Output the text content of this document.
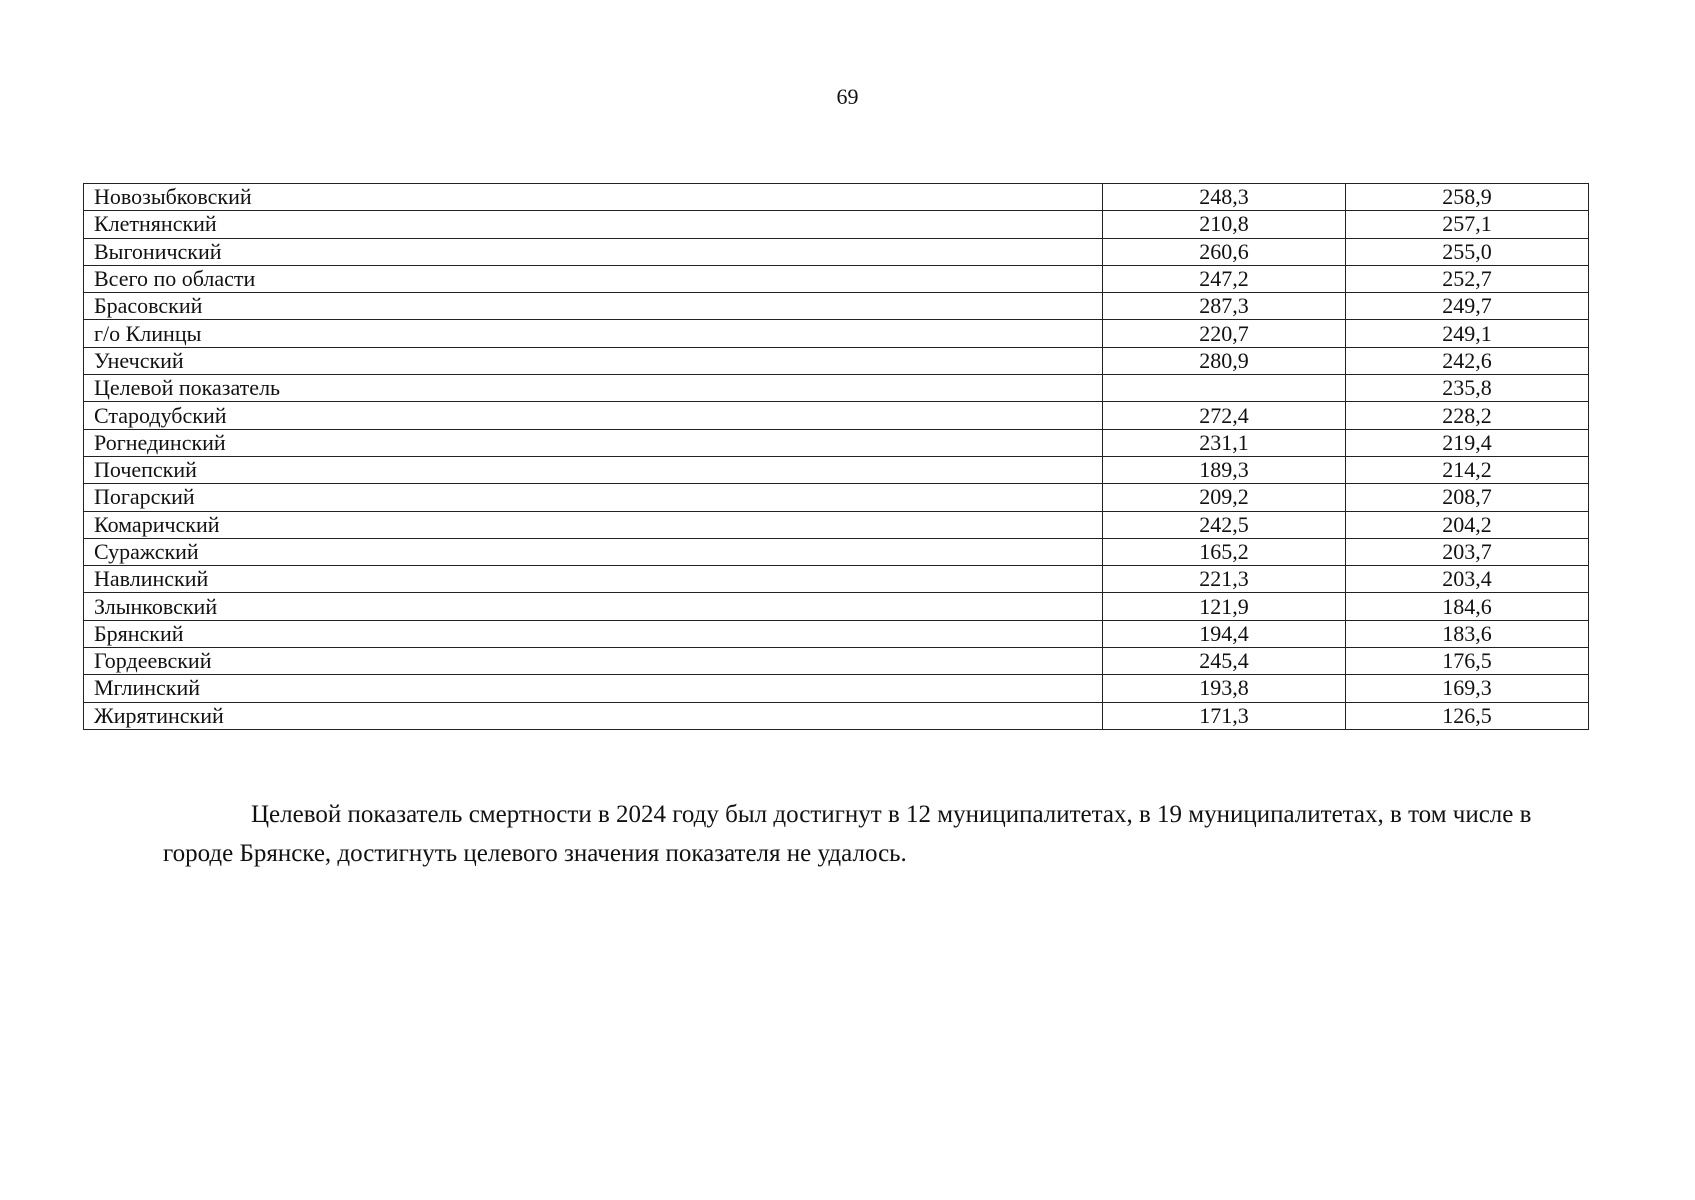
69
Новозыбковский	248,3	258,9
Клетнянский	210,8	257,1
Выгоничский	260,6	255,0
Всего по области	247,2	252,7
Брасовский	287,3	249,7
г/о Клинцы	220,7	249,1
Унечский	280,9	242,6
Целевой показатель		235,8
Стародубский	272,4	228,2
Рогнединский	231,1	219,4
Почепский	189,3	214,2
Погарский	209,2	208,7
Комаричский	242,5	204,2
Суражский	165,2	203,7
Навлинский	221,3	203,4
Злынковский	121,9	184,6
Брянский	194,4	183,6
Гордеевский	245,4	176,5
Мглинский	193,8	169,3
Жирятинский	171,3	126,5

Целевой показатель смертности в 2024 году был достигнут в 12 муниципалитетах, в 19 муниципалитетах, в том числе в городе Брянске, достигнуть целевого значения показателя не удалось.
